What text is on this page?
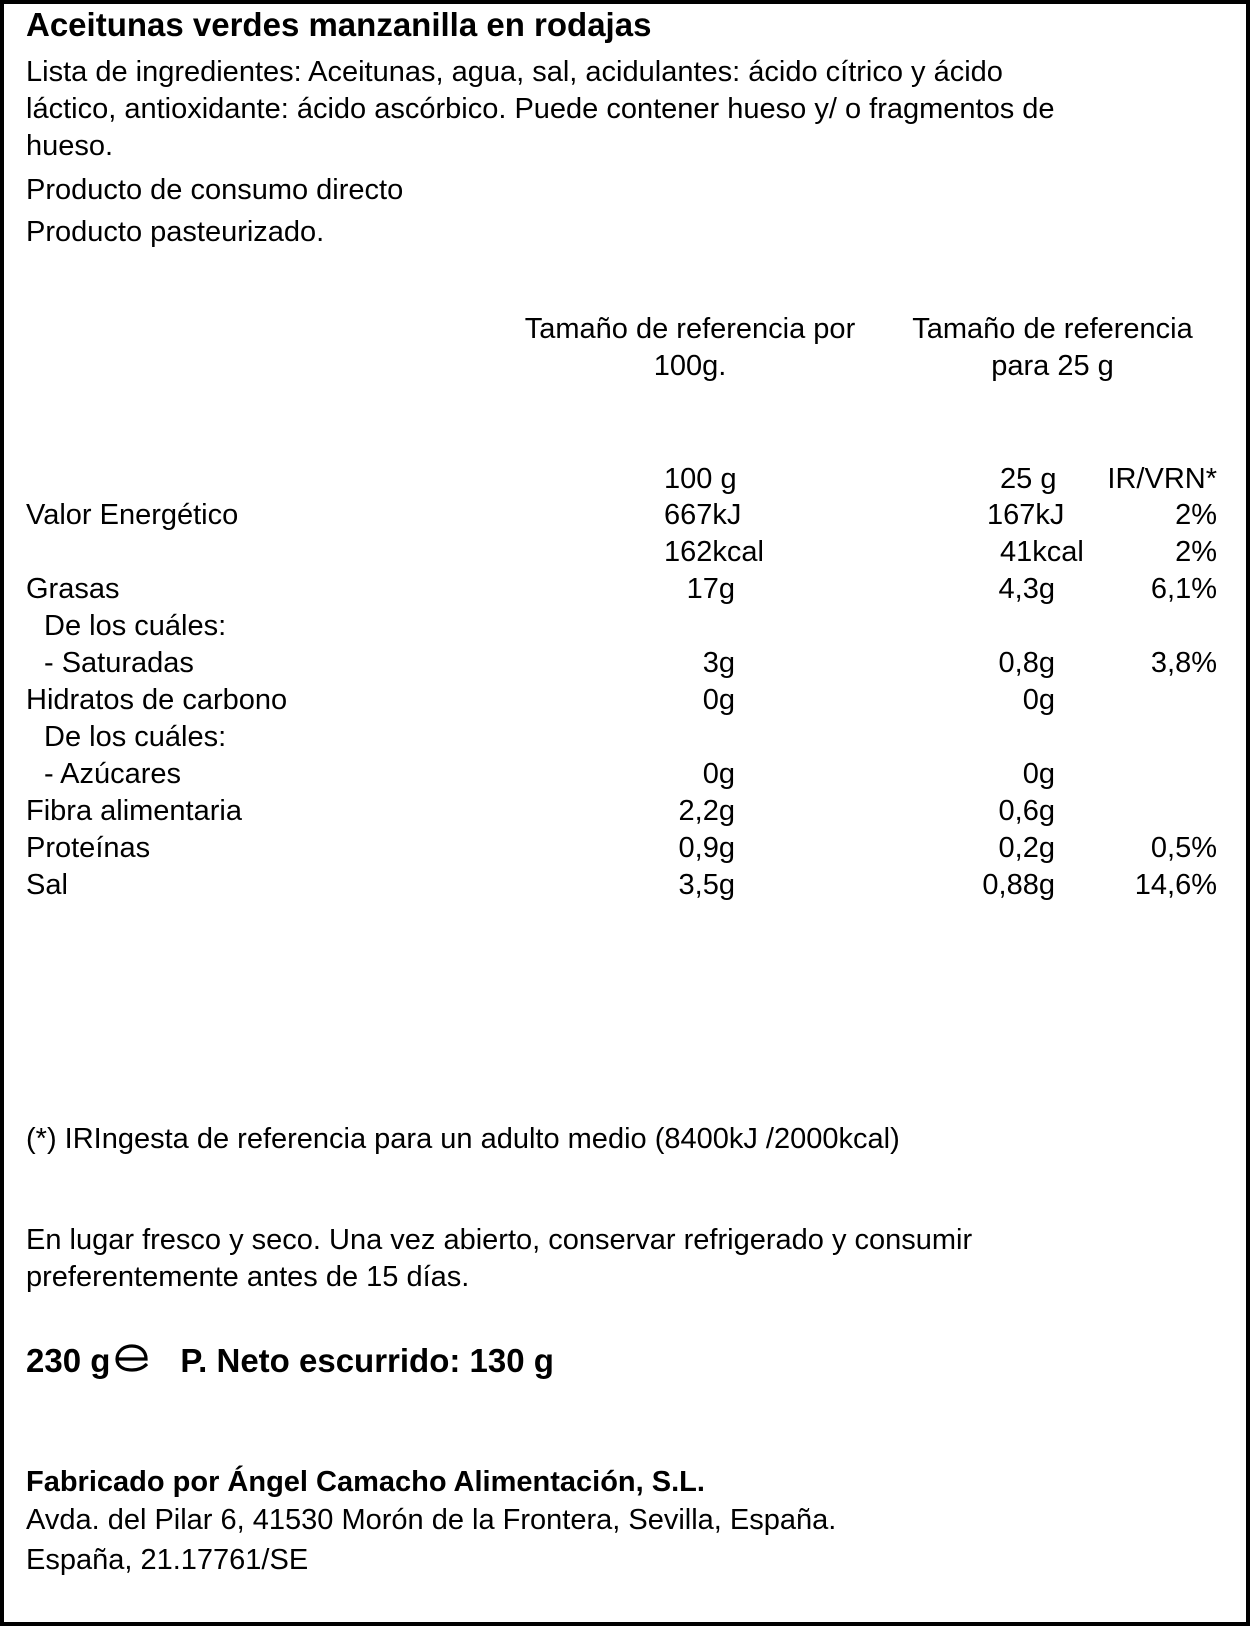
Aceitunas verdes manzanilla en rodajas
Lista de ingredientes: Aceitunas, agua, sal, acidulantes: ácido cítrico y ácido
láctico, antioxidante: ácido ascórbico. Puede contener hueso y/ o fragmentos de
hueso.
Producto de consumo directo
Producto pasteurizado.
Tamaño de referencia por
100g.
Tamaño de referencia
para 25 g
100 g	25 g	IR/VRN*
Valor Energético	667kJ	167kJ	2%
162kcal	41kcal	2%
Grasas	17g	4,3g	6,1%
De los cuáles:
- Saturadas	3g	0,8g	3,8%
Hidratos de carbono	0g	0g
De los cuáles:
- Azúcares	0g	0g
Fibra alimentaria	2,2g	0,6g
Proteínas	0,9g	0,2g	0,5%
Sal	3,5g	0,88g	14,6%
(*) IRIngesta de referencia para un adulto medio (8400kJ /2000kcal)
En lugar fresco y seco. Una vez abierto, conservar refrigerado y consumir
preferentemente antes de 15 días.
230 g P. Neto escurrido: 130 g
Fabricado por Ángel Camacho Alimentación, S.L.
Avda. del Pilar 6, 41530 Morón de la Frontera, Sevilla, España.
España, 21.17761/SE
